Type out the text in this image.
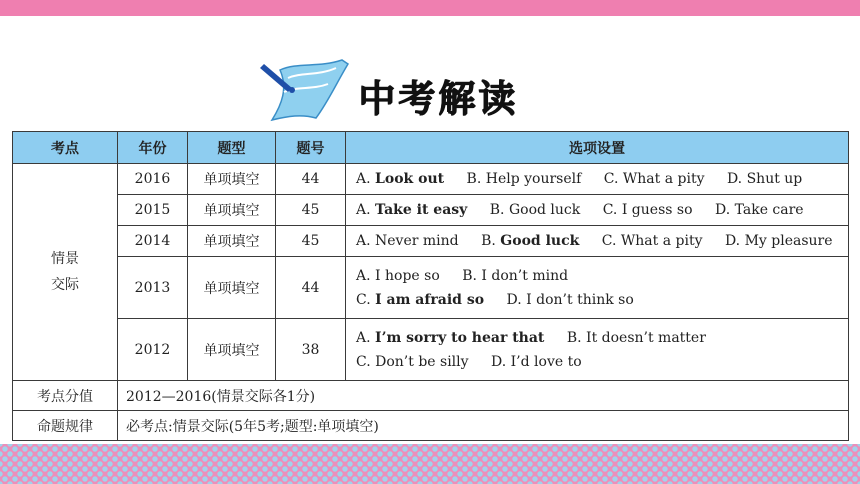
中考解读
考点	年份	题型	题号	选项设置
情景
交际	2016	单项填空	44	A. Look out B. Help yourself C. What a pity D. Shut up
	2015	单项填空	45	A. Take it easy B. Good luck C. I guess so D. Take care
	2014	单项填空	45	A. Never mind B. Good luck C. What a pity D. My pleasure
	2013	单项填空	44	A. I hope so B. I don’t mind
C. I am afraid so D. I don’t think so

	2012	单项填空	38	A. I’m sorry to hear that B. It doesn’t matter
C. Don’t be silly D. I’d love to

考点分值	2012—2016(情景交际各1分)			
命题规律	必考点:情景交际(5年5考;题型:单项填空)			
